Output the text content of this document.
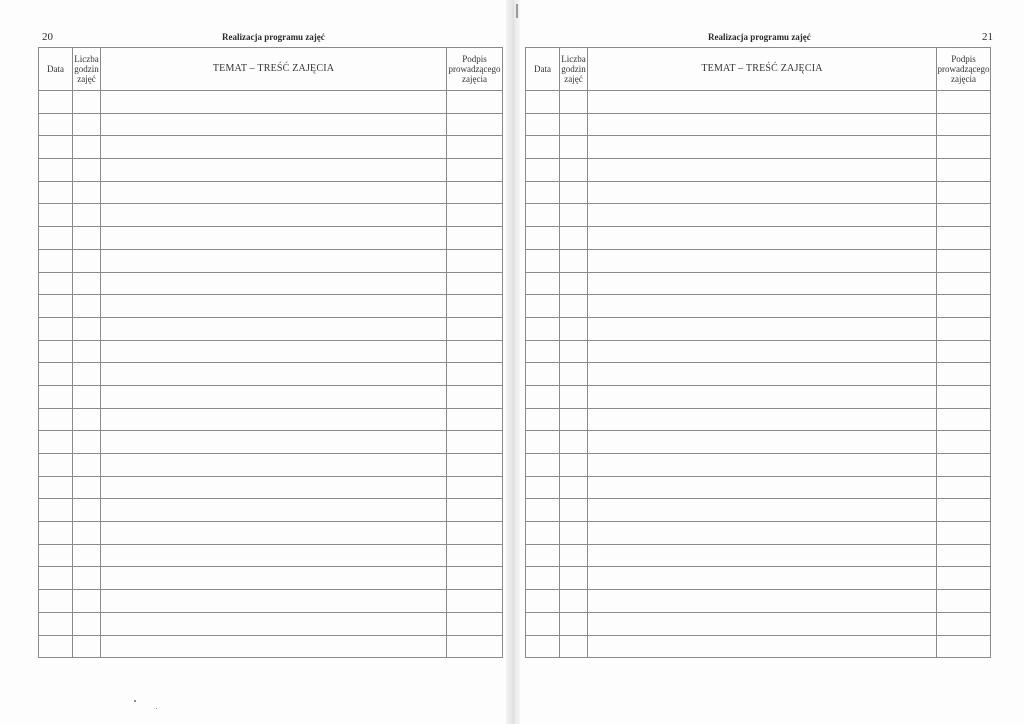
20	Realizacja programu zajęć
Data	Liczba
godzin
zajęć	TEMAT – TREŚĆ ZAJĘCIA	Podpis
prowadzącego
zajęcia

21
Realizacja programu zajęć
Data	Liczba
godzin
zajęć	TEMAT – TREŚĆ ZAJĘCIA	Podpis
prowadzącego
zajęcia
